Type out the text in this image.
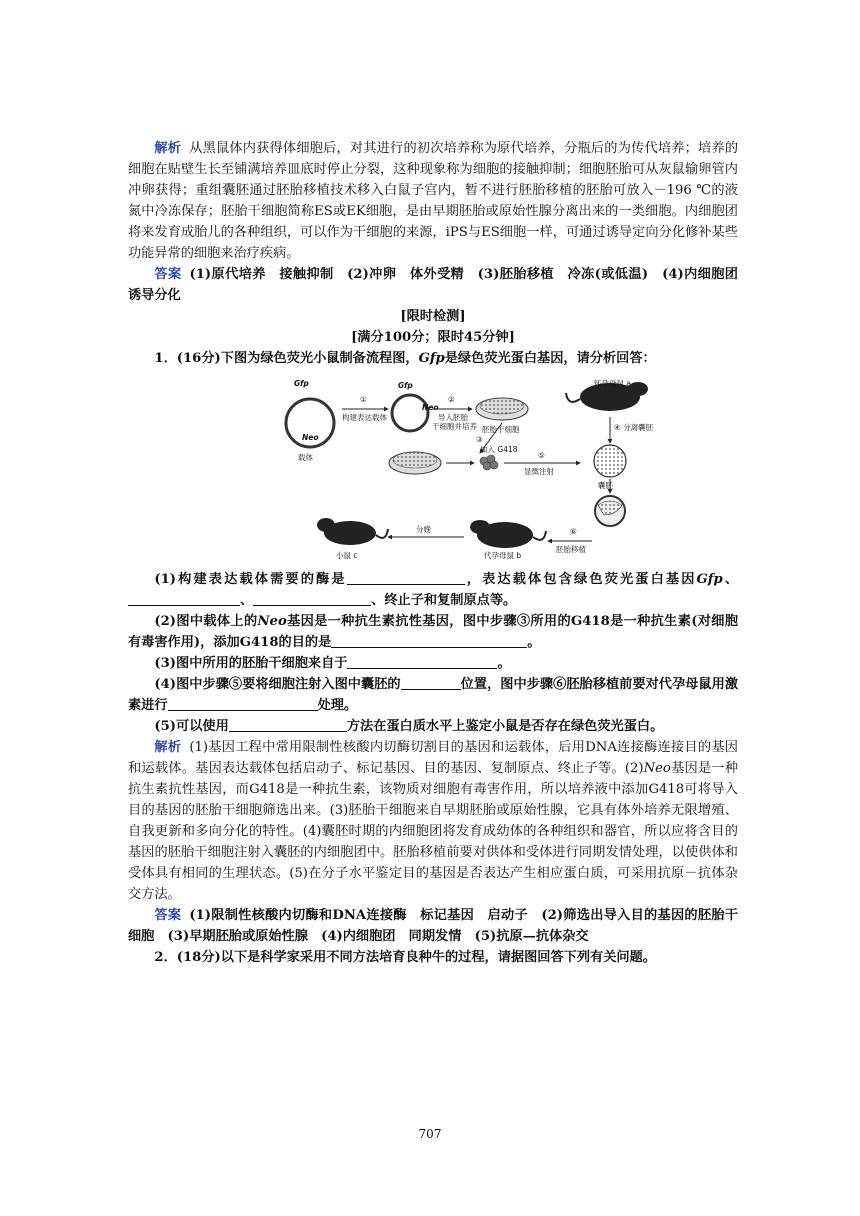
解析 从黑鼠体内获得体细胞后，对其进行的初次培养称为原代培养，分瓶后的为传代培养；培养的细胞在贴壁生长至铺满培养皿底时停止分裂，这种现象称为细胞的接触抑制；细胞胚胎可从灰鼠输卵管内冲卵获得；重组囊胚通过胚胎移植技术移入白鼠子宫内，暂不进行胚胎移植的胚胎可放入－196 ℃的液氮中冷冻保存；胚胎干细胞简称ES或EK细胞，是由早期胚胎或原始性腺分离出来的一类细胞。内细胞团将来发育成胎儿的各种组织，可以作为干细胞的来源，iPS与ES细胞一样，可通过诱导定向分化修补某些功能异常的细胞来治疗疾病。

答案 (1)原代培养　接触抑制　(2)冲卵　体外受精　(3)胚胎移植　冷冻(或低温)　(4)内细胞团　诱导分化

[限时检测]

[满分100分；限时45分钟]

1．(16分)下图为绿色荧光小鼠制备流程图，Gfp是绿色荧光蛋白基因，请分析回答：

Gfp
Neo
载体
①
构建表达载体
Gfp
Neo
②
导入胚胎
干细胞并培养 胚胎干细胞
怀孕母鼠 a
④ 分离囊胚
③
加入 G418
⑤
显微注射
囊胚
⑥
胚胎移植
代孕母鼠 b
分娩
小鼠 c

(1)构建表达载体需要的酶是	，表达载体包含绿色荧光蛋白基因Gfp、、	、终止子和复制原点等。

(2)图中载体上的Neo基因是一种抗生素抗性基因，图中步骤③所用的G418是一种抗生素(对细胞有毒害作用)，添加G418的目的是	。

(3)图中所用的胚胎干细胞来自于	。

(4)图中步骤⑤要将细胞注射入图中囊胚的	位置，图中步骤⑥胚胎移植前要对代孕母鼠用激素进行	处理。

(5)可以使用	方法在蛋白质水平上鉴定小鼠是否存在绿色荧光蛋白。

解析 (1)基因工程中常用限制性核酸内切酶切割目的基因和运载体，后用DNA连接酶连接目的基因和运载体。基因表达载体包括启动子、标记基因、目的基因、复制原点、终止子等。(2)Neo基因是一种抗生素抗性基因，而G418是一种抗生素，该物质对细胞有毒害作用，所以培养液中添加G418可将导入目的基因的胚胎干细胞筛选出来。(3)胚胎干细胞来自早期胚胎或原始性腺，它具有体外培养无限增殖、自我更新和多向分化的特性。(4)囊胚时期的内细胞团将发育成幼体的各种组织和器官，所以应将含目的基因的胚胎干细胞注射入囊胚的内细胞团中。胚胎移植前要对供体和受体进行同期发情处理，以使供体和受体具有相同的生理状态。(5)在分子水平鉴定目的基因是否表达产生相应蛋白质，可采用抗原－抗体杂交方法。

答案 (1)限制性核酸内切酶和DNA连接酶　标记基因　启动子　(2)筛选出导入目的基因的胚胎干细胞　(3)早期胚胎或原始性腺　(4)内细胞团　同期发情　(5)抗原—抗体杂交

2．(18分)以下是科学家采用不同方法培育良种牛的过程，请据图回答下列有关问题。

707
